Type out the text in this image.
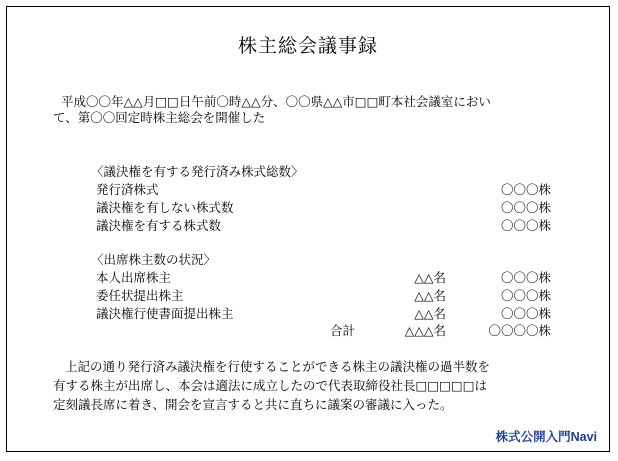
株主総会議事録
平成〇〇年△△月□□日午前〇時△△分、〇〇県△△市□□町本社会議室におい
て、第〇〇回定時株主総会を開催した
〈議決権を有する発行済み株式総数〉
発行済株式	〇〇〇株
議決権を有しない株式数	〇〇〇株
議決権を有する株式数	〇〇〇株
〈出席株主数の状況〉
本人出席株主	△△名	〇〇〇株
委任状提出株主	△△名	〇〇〇株
議決権行使書面提出株主	△△名	〇〇〇株
合計	△△△名	〇〇〇〇株
上記の通り発行済み議決権を行使することができる株主の議決権の過半数を
有する株主が出席し、本会は適法に成立したので代表取締役社長□□□□□は
定刻議長席に着き、開会を宣言すると共に直ちに議案の審議に入った。
株式公開入門Navi
